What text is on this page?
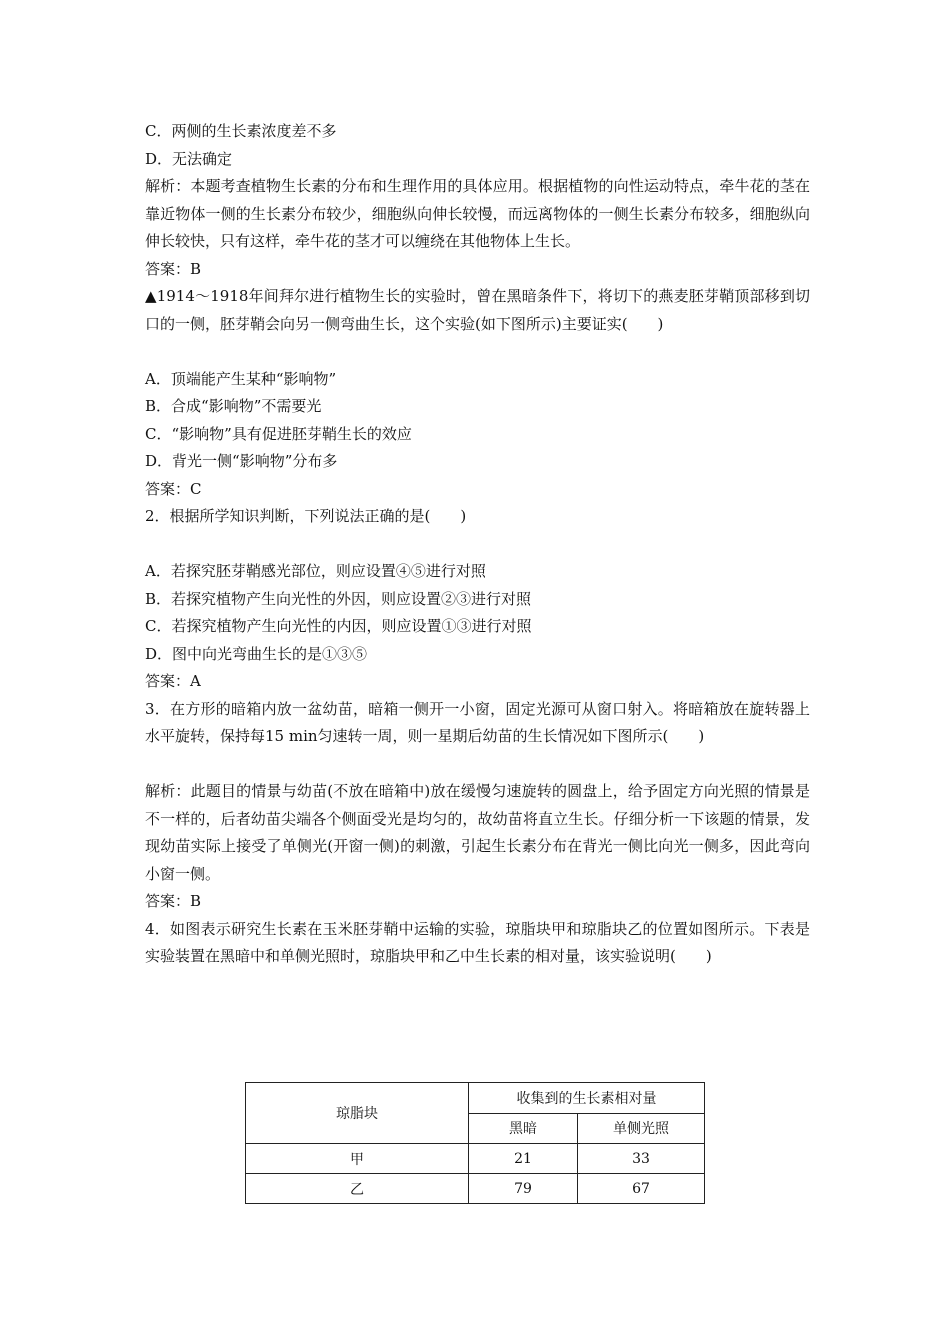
C．两侧的生长素浓度差不多
D．无法确定
解析：本题考查植物生长素的分布和生理作用的具体应用。根据植物的向性运动特点，牵牛花的茎在靠近物体一侧的生长素分布较少，细胞纵向伸长较慢，而远离物体的一侧生长素分布较多，细胞纵向伸长较快，只有这样，牵牛花的茎才可以缠绕在其他物体上生长。
答案：B
▲1914～1918年间拜尔进行植物生长的实验时，曾在黑暗条件下，将切下的燕麦胚芽鞘顶部移到切口的一侧，胚芽鞘会向另一侧弯曲生长，这个实验(如下图所示)主要证实(　　)
A．顶端能产生某种“影响物”
B．合成“影响物”不需要光
C．“影响物”具有促进胚芽鞘生长的效应
D．背光一侧“影响物”分布多
答案：C
2．根据所学知识判断，下列说法正确的是(　　)
A．若探究胚芽鞘感光部位，则应设置④⑤进行对照
B．若探究植物产生向光性的外因，则应设置②③进行对照
C．若探究植物产生向光性的内因，则应设置①③进行对照
D．图中向光弯曲生长的是①③⑤
答案：A
3．在方形的暗箱内放一盆幼苗，暗箱一侧开一小窗，固定光源可从窗口射入。将暗箱放在旋转器上水平旋转，保持每15 min匀速转一周，则一星期后幼苗的生长情况如下图所示(　　)
解析：此题目的情景与幼苗(不放在暗箱中)放在缓慢匀速旋转的圆盘上，给予固定方向光照的情景是不一样的，后者幼苗尖端各个侧面受光是均匀的，故幼苗将直立生长。仔细分析一下该题的情景，发现幼苗实际上接受了单侧光(开窗一侧)的刺激，引起生长素分布在背光一侧比向光一侧多，因此弯向小窗一侧。
答案：B
4．如图表示研究生长素在玉米胚芽鞘中运输的实验，琼脂块甲和琼脂块乙的位置如图所示。下表是实验装置在黑暗中和单侧光照时，琼脂块甲和乙中生长素的相对量，该实验说明(　　)
琼脂块	收集到的生长素相对量	
	黑暗	单侧光照
甲	21	33
乙	79	67
